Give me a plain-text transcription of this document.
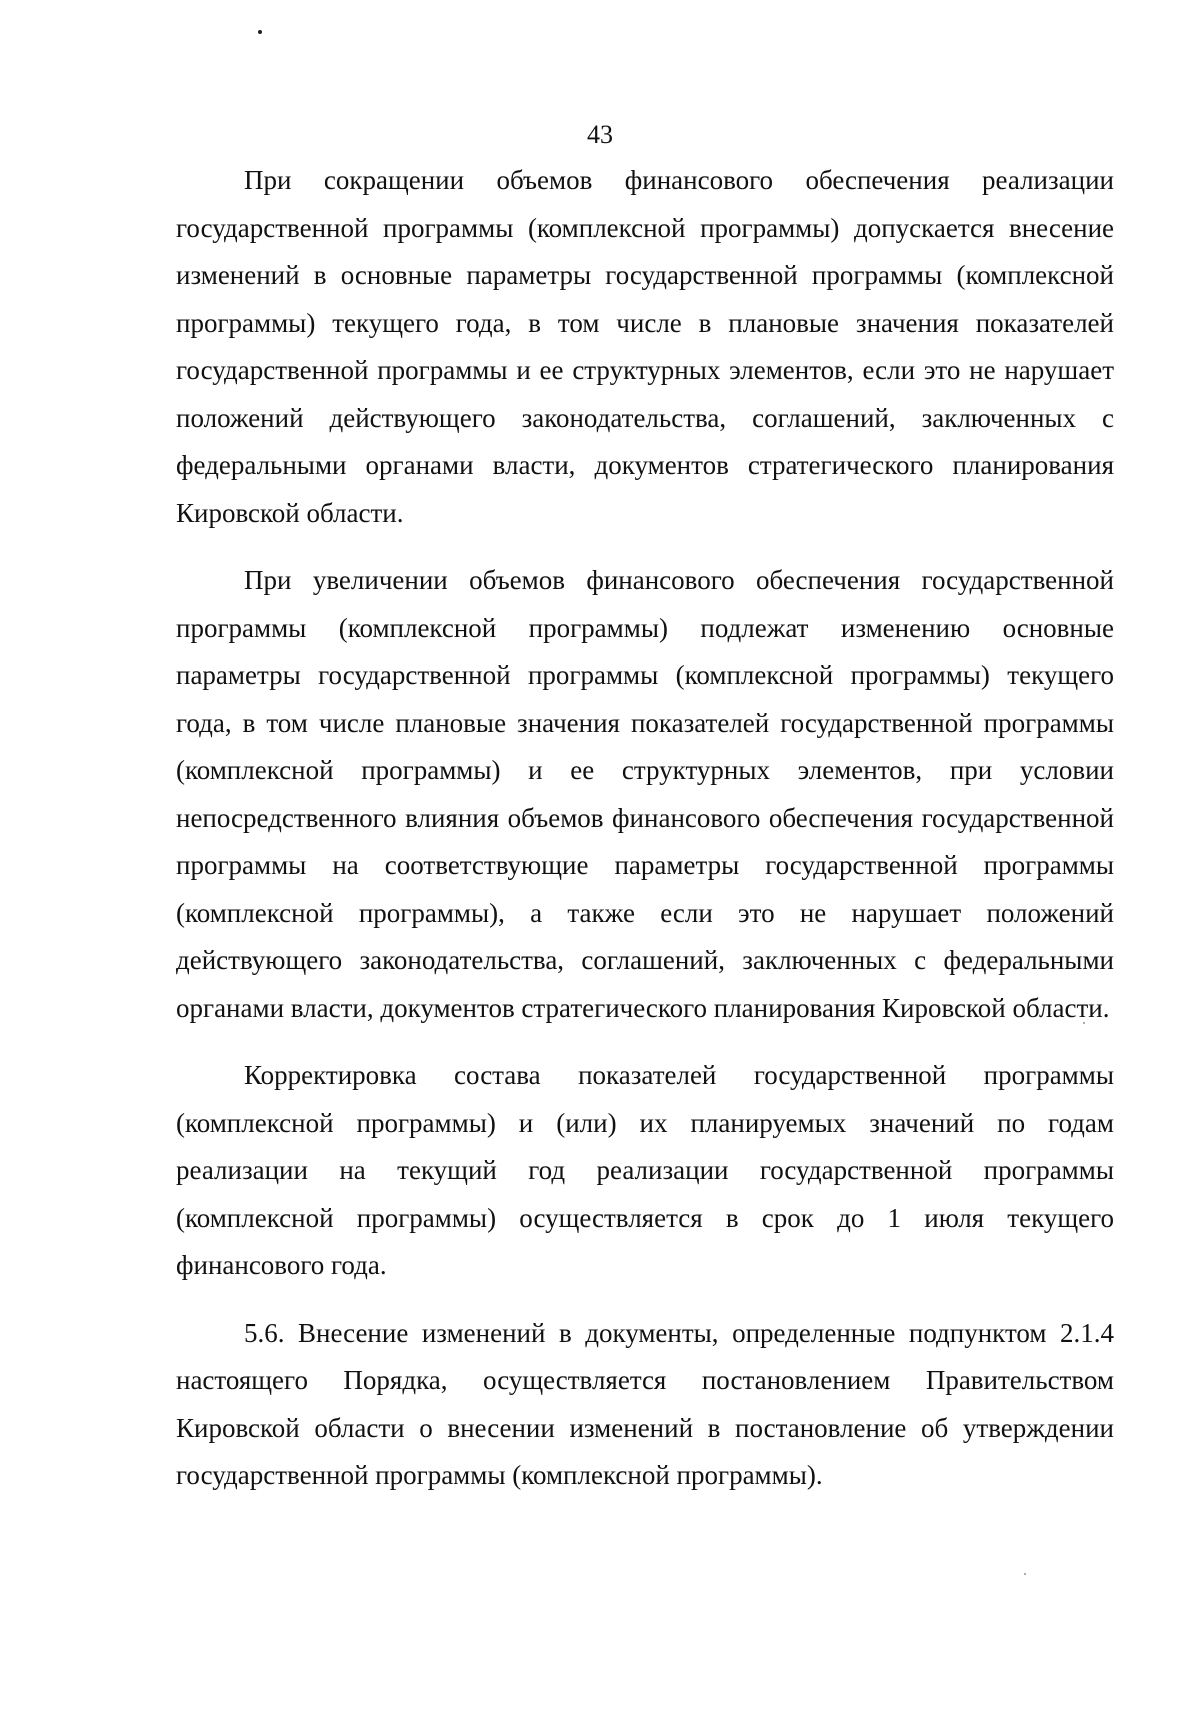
43

При сокращении объемов финансового обеспечения реализации государственной программы (комплексной программы) допускается внесение изменений в основные параметры государственной программы (комплексной программы) текущего года, в том числе в плановые значения показателей государственной программы и ее структурных элементов, если это не нарушает положений действующего законодательства, соглашений, заключенных с федеральными органами власти, документов стратегического планирования Кировской области.

При увеличении объемов финансового обеспечения государственной программы (комплексной программы) подлежат изменению основные параметры государственной программы (комплексной программы) текущего года, в том числе плановые значения показателей государственной программы (комплексной программы) и ее структурных элементов, при условии непосредственного влияния объемов финансового обеспечения государственной программы на соответствующие параметры государственной программы (комплексной программы), а также если это не нарушает положений действующего законодательства, соглашений, заключенных с федеральными органами власти, документов стратегического планирования Кировской области.

Корректировка состава показателей государственной программы (комплексной программы) и (или) их планируемых значений по годам реализации на текущий год реализации государственной программы (комплексной программы) осуществляется в срок до 1 июля текущего финансового года.

5.6. Внесение изменений в документы, определенные подпунктом 2.1.4 настоящего Порядка, осуществляется постановлением Правительством Кировской области о внесении изменений в постановление об утверждении государственной программы (комплексной программы).
